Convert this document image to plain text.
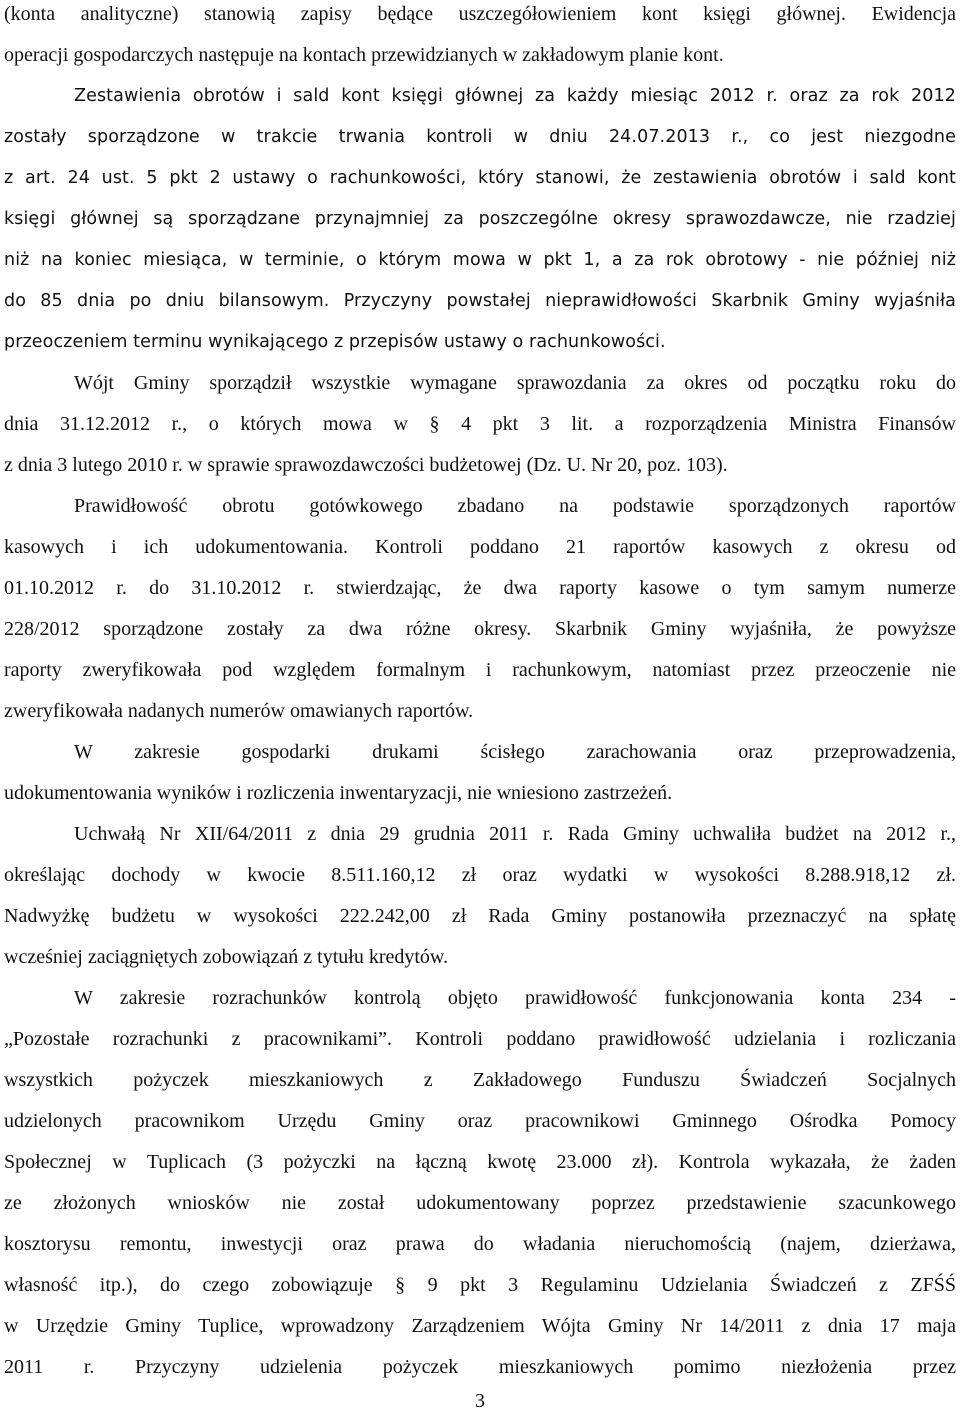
(konta analityczne) stanowią zapisy będące uszczegółowieniem kont księgi głównej. Ewidencja
operacji gospodarczych następuje na kontach przewidzianych w zakładowym planie kont.
Zestawienia obrotów i sald kont księgi głównej za każdy miesiąc 2012 r. oraz za rok 2012
zostały sporządzone w trakcie trwania kontroli w dniu 24.07.2013 r., co jest niezgodne
z art. 24 ust. 5 pkt 2 ustawy o rachunkowości, który stanowi, że zestawienia obrotów i sald kont
księgi głównej są sporządzane przynajmniej za poszczególne okresy sprawozdawcze, nie rzadziej
niż na koniec miesiąca, w terminie, o którym mowa w pkt 1, a za rok obrotowy - nie później niż
do 85 dnia po dniu bilansowym. Przyczyny powstałej nieprawidłowości Skarbnik Gminy wyjaśniła
przeoczeniem terminu wynikającego z przepisów ustawy o rachunkowości.
Wójt Gminy sporządził wszystkie wymagane sprawozdania za okres od początku roku do
dnia 31.12.2012 r., o których mowa w § 4 pkt 3 lit. a rozporządzenia Ministra Finansów
z dnia 3 lutego 2010 r. w sprawie sprawozdawczości budżetowej (Dz. U. Nr 20, poz. 103).
Prawidłowość obrotu gotówkowego zbadano na podstawie sporządzonych raportów
kasowych i ich udokumentowania. Kontroli poddano 21 raportów kasowych z okresu od
01.10.2012 r. do 31.10.2012 r. stwierdzając, że dwa raporty kasowe o tym samym numerze
228/2012 sporządzone zostały za dwa różne okresy. Skarbnik Gminy wyjaśniła, że powyższe
raporty zweryfikowała pod względem formalnym i rachunkowym, natomiast przez przeoczenie nie
zweryfikowała nadanych numerów omawianych raportów.
W zakresie gospodarki drukami ścisłego zarachowania oraz przeprowadzenia,
udokumentowania wyników i rozliczenia inwentaryzacji, nie wniesiono zastrzeżeń.
Uchwałą Nr XII/64/2011 z dnia 29 grudnia 2011 r. Rada Gminy uchwaliła budżet na 2012 r.,
określając dochody w kwocie 8.511.160,12 zł oraz wydatki w wysokości 8.288.918,12 zł.
Nadwyżkę budżetu w wysokości 222.242,00 zł Rada Gminy postanowiła przeznaczyć na spłatę
wcześniej zaciągniętych zobowiązań z tytułu kredytów.
W zakresie rozrachunków kontrolą objęto prawidłowość funkcjonowania konta 234 -
„Pozostałe rozrachunki z pracownikami”. Kontroli poddano prawidłowość udzielania i rozliczania
wszystkich pożyczek mieszkaniowych z Zakładowego Funduszu Świadczeń Socjalnych
udzielonych pracownikom Urzędu Gminy oraz pracownikowi Gminnego Ośrodka Pomocy
Społecznej w Tuplicach (3 pożyczki na łączną kwotę 23.000 zł). Kontrola wykazała, że żaden
ze złożonych wniosków nie został udokumentowany poprzez przedstawienie szacunkowego
kosztorysu remontu, inwestycji oraz prawa do władania nieruchomością (najem, dzierżawa,
własność itp.), do czego zobowiązuje § 9 pkt 3 Regulaminu Udzielania Świadczeń z ZFŚŚ
w Urzędzie Gminy Tuplice, wprowadzony Zarządzeniem Wójta Gminy Nr 14/2011 z dnia 17 maja
2011 r. Przyczyny udzielenia pożyczek mieszkaniowych pomimo niezłożenia przez
3
